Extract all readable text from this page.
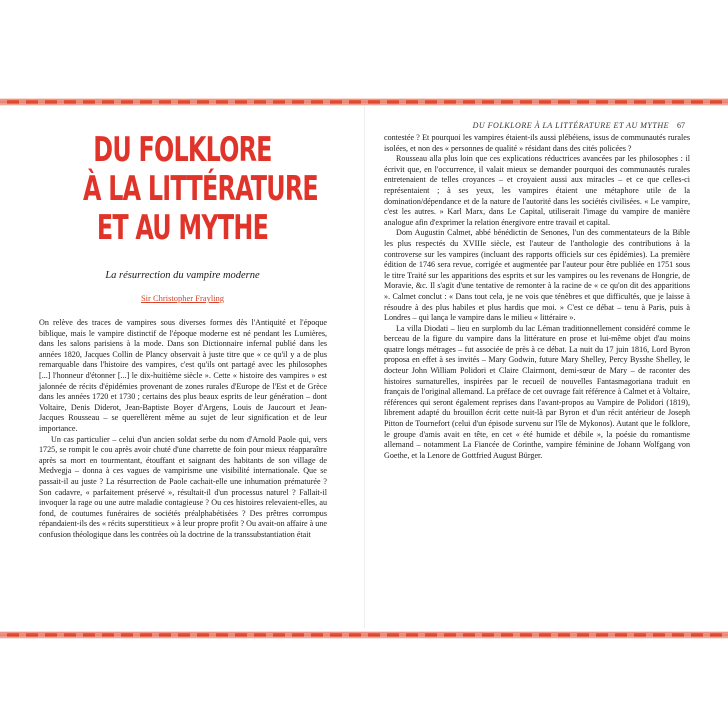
DU FOLKLORE À LA LITTÉRATURE ET AU MYTHE 67
DU FOLKLORE
À LA LITTÉRATURE
ET AU MYTHE
La résurrection du vampire moderne
Sir Christopher Frayling

On relève des traces de vampires sous diverses formes dès l'Antiquité et l'époque biblique, mais le vampire distinctif de l'époque moderne est né pendant les Lumières, dans les salons parisiens à la mode. Dans son Dictionnaire infernal publié dans les années 1820, Jacques Collin de Plancy observait à juste titre que « ce qu'il y a de plus remarquable dans l'histoire des vampires, c'est qu'ils ont partagé avec les philosophes [...] l'honneur d'étonner [...] le dix-huitième siècle ». Cette « histoire des vampires » est jalonnée de récits d'épidémies provenant de zones rurales d'Europe de l'Est et de Grèce dans les années 1720 et 1730 ; certains des plus beaux esprits de leur génération – dont Voltaire, Denis Diderot, Jean-Baptiste Boyer d'Argens, Louis de Jaucourt et Jean-Jacques Rousseau – se querellèrent même au sujet de leur signification et de leur importance.

Un cas particulier – celui d'un ancien soldat serbe du nom d'Arnold Paole qui, vers 1725, se rompit le cou après avoir chuté d'une charrette de foin pour mieux réapparaître après sa mort en tourmentant, étouffant et saignant des habitants de son village de Medvegja – donna à ces vagues de vampirisme une visibilité internationale. Que se passait-il au juste ? La résurrection de Paole cachait-elle une inhumation prématurée ? Son cadavre, « parfaitement préservé », résultait-il d'un processus naturel ? Fallait-il invoquer la rage ou une autre maladie contagieuse ? Ou ces histoires relevaient-elles, au fond, de coutumes funéraires de sociétés préalphabétisées ? Des prêtres corrompus répandaient-ils des « récits superstitieux » à leur propre profit ? Ou avait-on affaire à une confusion théologique dans les contrées où la doctrine de la transsubstantiation était

contestée ? Et pourquoi les vampires étaient-ils aussi plébéiens, issus de communautés rurales isolées, et non des « personnes de qualité » résidant dans des cités policées ?

Rousseau alla plus loin que ces explications réductrices avancées par les philosophes : il écrivit que, en l'occurrence, il valait mieux se demander pourquoi des communautés rurales entretenaient de telles croyances – et croyaient aussi aux miracles – et ce que celles-ci représentaient ; à ses yeux, les vampires étaient une métaphore utile de la domination/dépendance et de la nature de l'autorité dans les sociétés civilisées. « Le vampire, c'est les autres. » Karl Marx, dans Le Capital, utiliserait l'image du vampire de manière analogue afin d'exprimer la relation énergivore entre travail et capital.

Dom Augustin Calmet, abbé bénédictin de Senones, l'un des commentateurs de la Bible les plus respectés du XVIIIe siècle, est l'auteur de l'anthologie des contributions à la controverse sur les vampires (incluant des rapports officiels sur ces épidémies). La première édition de 1746 sera revue, corrigée et augmentée par l'auteur pour être publiée en 1751 sous le titre Traité sur les apparitions des esprits et sur les vampires ou les revenans de Hongrie, de Moravie, &c. Il s'agit d'une tentative de remonter à la racine de « ce qu'on dit des apparitions ». Calmet conclut : « Dans tout cela, je ne vois que ténèbres et que difficultés, que je laisse à résoudre à des plus habiles et plus hardis que moi. » C'est ce débat – tenu à Paris, puis à Londres – qui lança le vampire dans le milieu « littéraire ».

La villa Diodati – lieu en surplomb du lac Léman traditionnellement considéré comme le berceau de la figure du vampire dans la littérature en prose et lui-même objet d'au moins quatre longs métrages – fut associée de près à ce débat. La nuit du 17 juin 1816, Lord Byron proposa en effet à ses invités – Mary Godwin, future Mary Shelley, Percy Bysshe Shelley, le docteur John William Polidori et Claire Clairmont, demi-sœur de Mary – de raconter des histoires surnaturelles, inspirées par le recueil de nouvelles Fantasmagoriana traduit en français de l'original allemand. La préface de cet ouvrage fait référence à Calmet et à Voltaire, références qui seront également reprises dans l'avant-propos au Vampire de Polidori (1819), librement adapté du brouillon écrit cette nuit-là par Byron et d'un récit antérieur de Joseph Pitton de Tournefort (celui d'un épisode survenu sur l'île de Mykonos). Autant que le folklore, le groupe d'amis avait en tête, en cet « été humide et débile », la poésie du romantisme allemand – notamment La Fiancée de Corinthe, vampire féminine de Johann Wolfgang von Goethe, et la Lenore de Gottfried August Bürger.
